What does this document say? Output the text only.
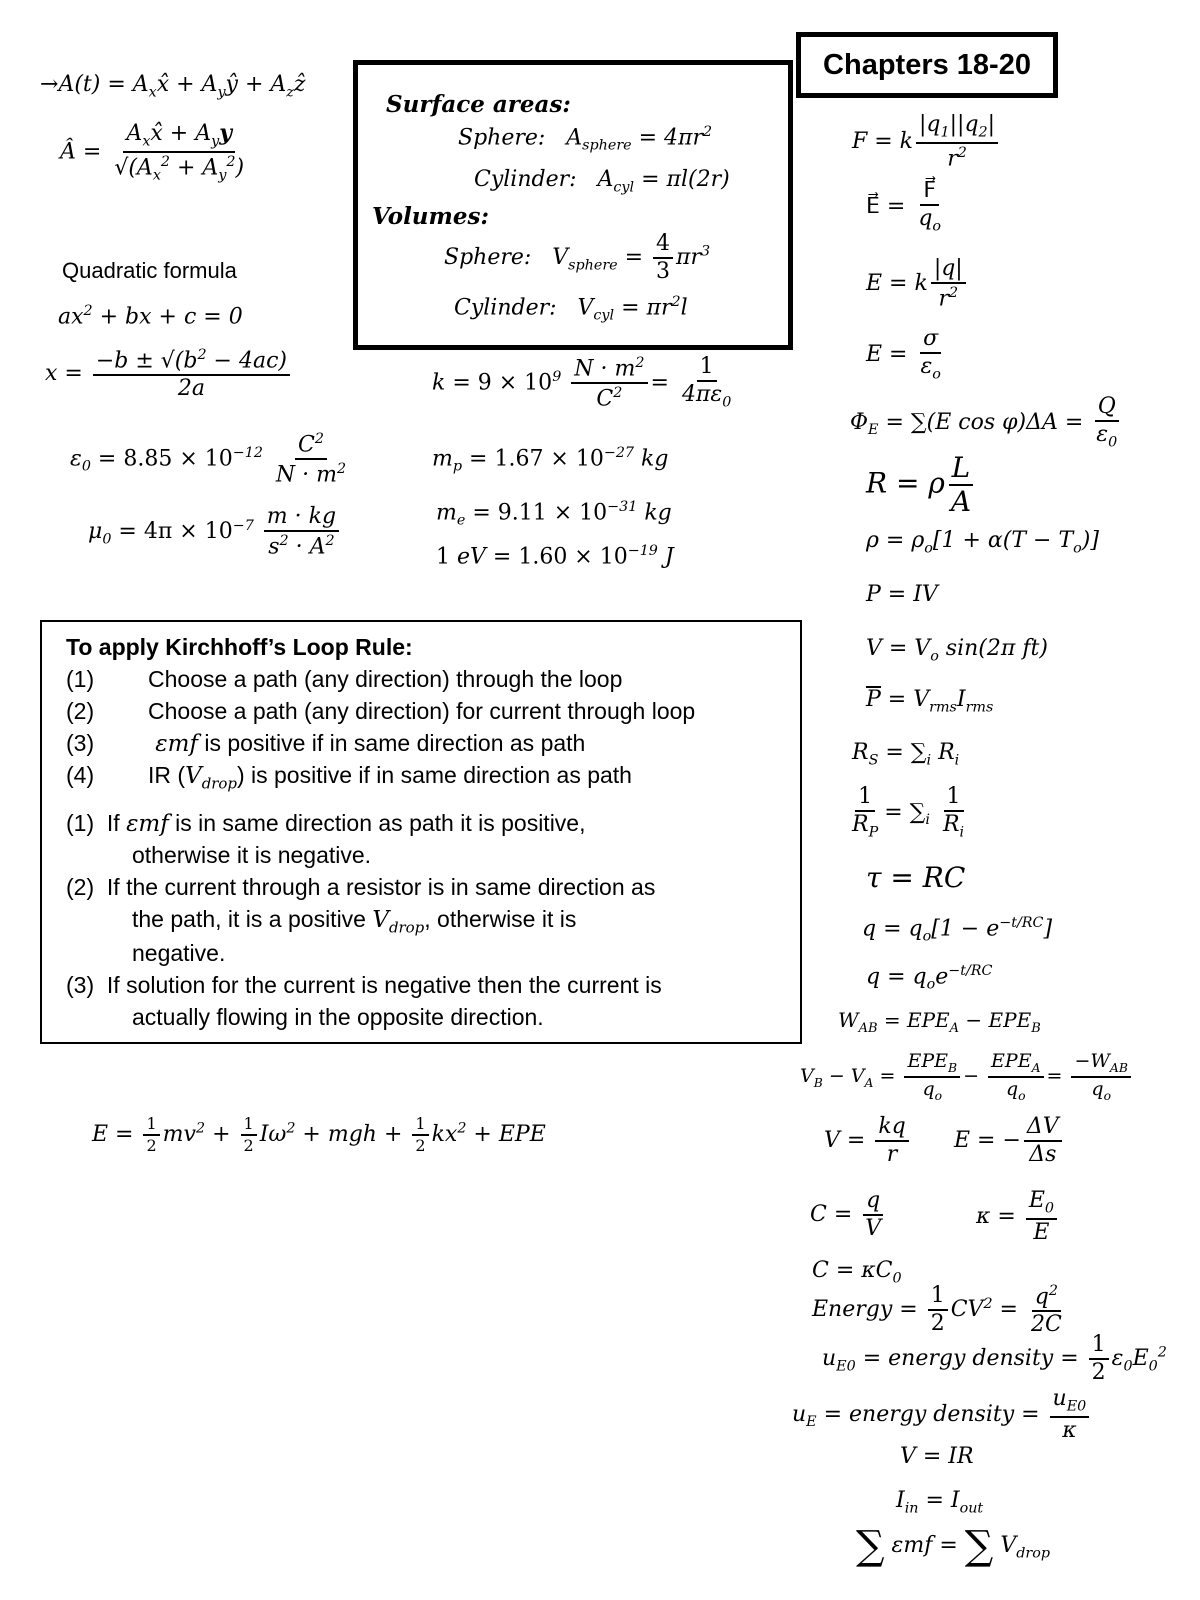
$\to A(t) = A_xx̂$ + $A_yŷ$ + $A_zẑ$
Â = $\frac{A_xx̂ + A_yy}{√(A_x^2 + A_y^2)}$
Quadratic formula
$ax^2$ + bx + c = 0
$x = \frac{-b \pm √(b^2 - 4ac)}{2a}$
$\varepsilon_0 = 8.85 \times 10^{-12} \frac{C^2}{N \cdot m^2}$
$\mu_0 = 4\pi \times 10^{-7} \frac{m \cdot kg}{s^2 \cdot A^2}$
Surface areas:
Sphere:   $A_{sphere} = 4\pi r^2$
Cylinder:   $A_{cyl} = \pi l(2r)$
Volumes:
Sphere:   $V_{sphere} = \frac{4}{3} \pi r^3$
Cylinder:   $V_{cyl} = \pi r^2l$
$k = 9 \times 10^9 \frac{N \cdot m^2}{C^2} = \frac{1}{4\pi\varepsilon_0}$
$m_p = 1.67 \times 10^{-27}$ kg
$m_e = 9.11 \times 10^{-31}$ kg
1 eV = $1.60 \times 10^{-19}$ J
To apply Kirchhoff’s Loop Rule:
(1) Choose a path (any direction) through the loop
(2) Choose a path (any direction) for current through loop
(3) εmf is positive if in same direction as path
(4) IR $(V_{drop})$ is positive if in same direction as path
(1) If εmf is in same direction as path it is positive,
otherwise it is negative.
(2) If the current through a resistor is in same direction as
the path, it is a positive $V_{drop}$, otherwise it is
negative.
(3) If solution for the current is negative then the current is
actually flowing in the opposite direction.
$E = \frac{1}{2} mv^2 + \frac{1}{2} I\omega^2$ + mgh + $\frac{1}{2} kx^2$ + EPE
Chapters 18-20
F = k $\frac{|q_1||q_2|}{r^2}$
E⃗ = $\frac{F⃗}{q_o}$
E = k $\frac{|q|}{r^2}$
$E = \frac{\sigma}{\varepsilon_o}$
$\Phi_E = \sum(E$ $\cos \varphi)\Delta A = \frac{Q}{\varepsilon_0}$
R = ρ $\frac{L}{A}$
$\rho = \rho_o[1 + \alpha(T - T_o)]$
P = IV
$V = V_o$ sin(2π ft)
$P = V_{rms}I_{rms}$
$R_S = \sum_i$ $R_i$
$\frac{1}{R_P} = \sum_i \frac{1}{R_i}$
τ = RC
$q = q_o[1 - e^{-t/RC}]$
$q = q_oe^{-t/RC}$
$W_{AB} = EPE_A - EPE_B$
$V_B - V_A = \frac{EPE_B}{q_o} - \frac{EPE_A}{q_o} = \frac{-W_{AB}}{q_o}$
$V = \frac{kq}{r}$ E = − $\frac{\Delta V}{\Delta s}$
$C = \frac{q}{V}$	$\kappa = \frac{E_0}{E}$
$C = \kappa C_0$
Energy = $\frac{1}{2} CV^2 = \frac{q^2}{2C}$
$u_{E0}$ = energy density = $\frac{1}{2} \varepsilon_0E_0^2$
$u_E$ = energy density = $\frac{u_{E0}}{\kappa}$
V = IR
$I_{in} = I_{out}$
∑ εmf = ∑ $V_{drop}$
